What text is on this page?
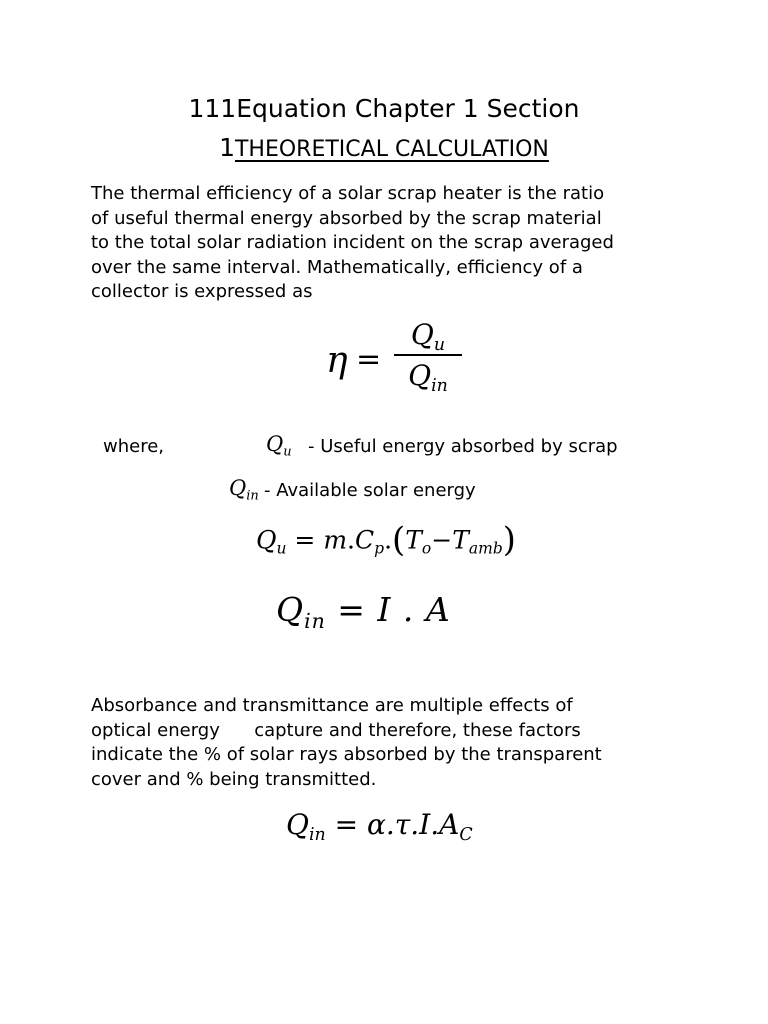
111Equation Chapter 1 Section
1THEORETICAL CALCULATION

The thermal efficiency of a solar scrap heater is the ratio

of useful thermal energy absorbed by the scrap material

to the total solar radiation incident on the scrap averaged

over the same interval. Mathematically, efficiency of a

collector is expressed as

η =
$Q_u$
$Q_{in}$
where,	$Q_u$ - Useful energy absorbed by scrap
$Q_{in}$ - Available solar energy
$Q_u = m.C_p.(T_o-T_{amb})$
$Q_{in} = I$ . A

Absorbance and transmittance are multiple effects of

optical energy      capture and therefore, these factors

indicate the % of solar rays absorbed by the transparent

cover and % being transmitted.

$Q_{in} = \alpha.\tau.I.A_C$
